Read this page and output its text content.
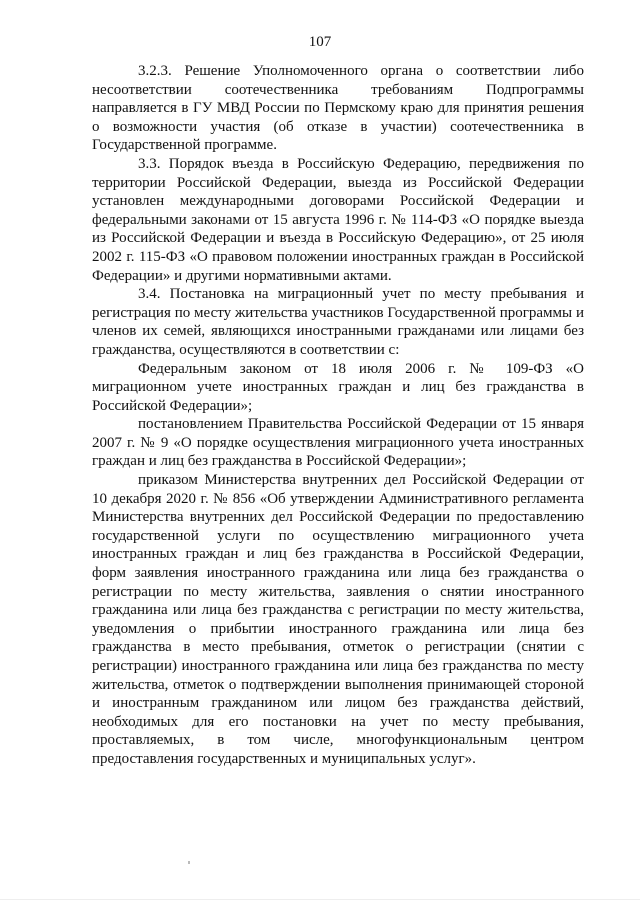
107

3.2.3. Решение Уполномоченного органа о соответствии либо несоответствии соотечественника требованиям Подпрограммы направляется в ГУ МВД России по Пермскому краю для принятия решения о возможности участия (об отказе в участии) соотечественника в Государственной программе.

3.3. Порядок въезда в Российскую Федерацию, передвижения по территории Российской Федерации, выезда из Российской Федерации установлен международными договорами Российской Федерации и федеральными законами от 15 августа 1996 г. № 114-ФЗ «О порядке выезда из Российской Федерации и въезда в Российскую Федерацию», от 25 июля 2002 г. 115-ФЗ «О правовом положении иностранных граждан в Российской Федерации» и другими нормативными актами.

3.4. Постановка на миграционный учет по месту пребывания и регистрация по месту жительства участников Государственной программы и членов их семей, являющихся иностранными гражданами или лицами без гражданства, осуществляются в соответствии с:

Федеральным законом от 18 июля 2006 г. № 109-ФЗ «О миграционном учете иностранных граждан и лиц без гражданства в Российской Федерации»;

постановлением Правительства Российской Федерации от 15 января 2007 г. № 9 «О порядке осуществления миграционного учета иностранных граждан и лиц без гражданства в Российской Федерации»;

приказом Министерства внутренних дел Российской Федерации от 10 декабря 2020 г. № 856 «Об утверждении Административного регламента Министерства внутренних дел Российской Федерации по предоставлению государственной услуги по осуществлению миграционного учета иностранных граждан и лиц без гражданства в Российской Федерации, форм заявления иностранного гражданина или лица без гражданства о регистрации по месту жительства, заявления о снятии иностранного гражданина или лица без гражданства с регистрации по месту жительства, уведомления о прибытии иностранного гражданина или лица без гражданства в место пребывания, отметок о регистрации (снятии с регистрации) иностранного гражданина или лица без гражданства по месту жительства, отметок о подтверждении выполнения принимающей стороной и иностранным гражданином или лицом без гражданства действий, необходимых для его постановки на учет по месту пребывания, проставляемых, в том числе, многофункциональным центром предоставления государственных и муниципальных услуг».
